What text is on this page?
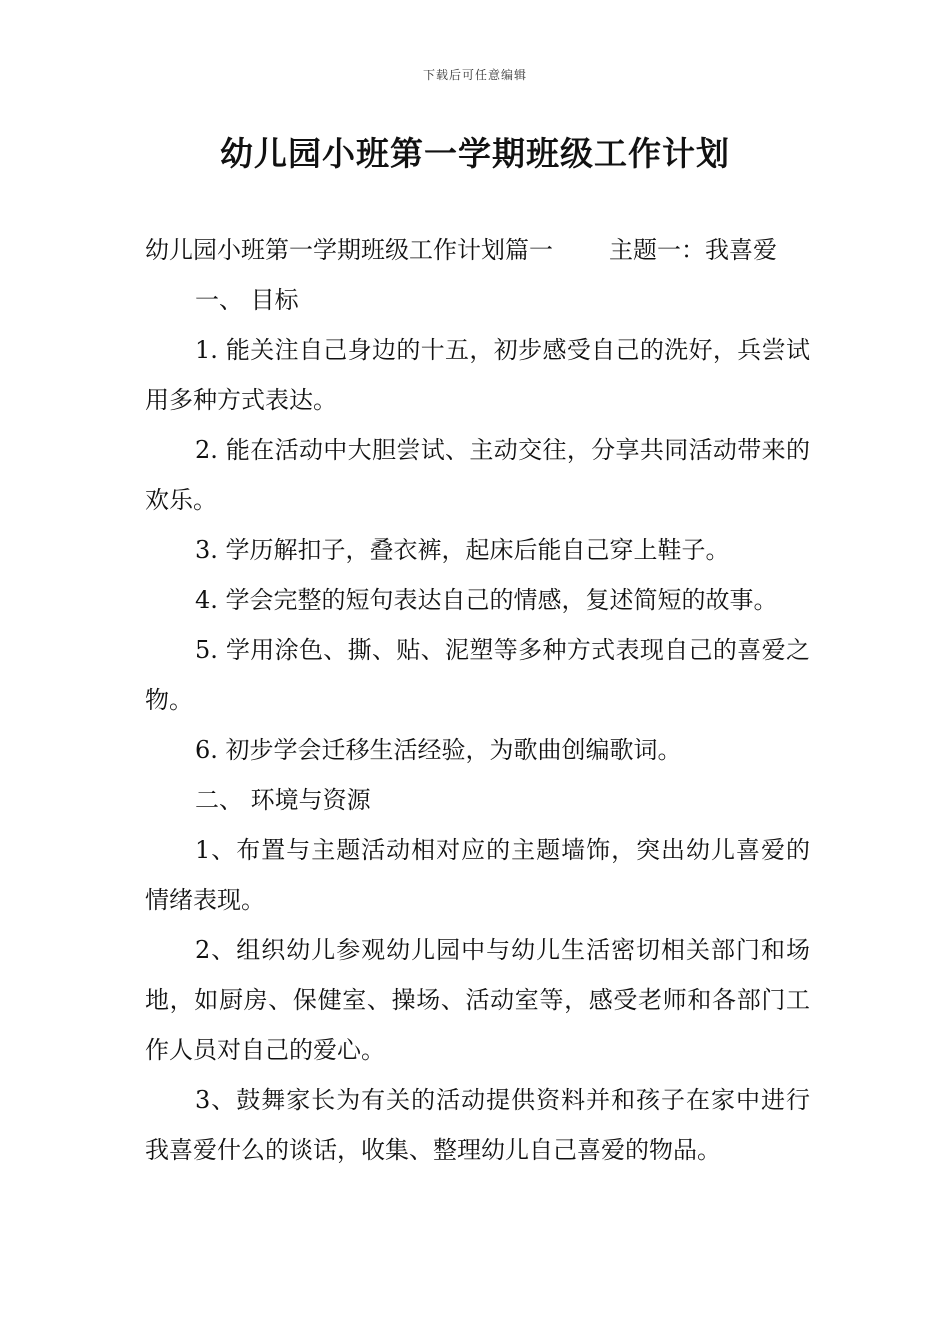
下载后可任意编辑
幼儿园小班第一学期班级工作计划

幼儿园小班第一学期班级工作计划篇一 主题一：我喜爱

一、 目标

1. 能关注自己身边的十五，初步感受自己的洗好，兵尝试用多种方式表达。

2. 能在活动中大胆尝试、主动交往，分享共同活动带来的欢乐。

3. 学历解扣子，叠衣裤，起床后能自己穿上鞋子。

4. 学会完整的短句表达自己的情感，复述简短的故事。

5. 学用涂色、撕、贴、泥塑等多种方式表现自己的喜爱之物。

6. 初步学会迁移生活经验，为歌曲创编歌词。

二、 环境与资源

1、布置与主题活动相对应的主题墙饰，突出幼儿喜爱的情绪表现。

2、组织幼儿参观幼儿园中与幼儿生活密切相关部门和场地，如厨房、保健室、操场、活动室等，感受老师和各部门工作人员对自己的爱心。

3、鼓舞家长为有关的活动提供资料并和孩子在家中进行我喜爱什么的谈话，收集、整理幼儿自己喜爱的物品。
